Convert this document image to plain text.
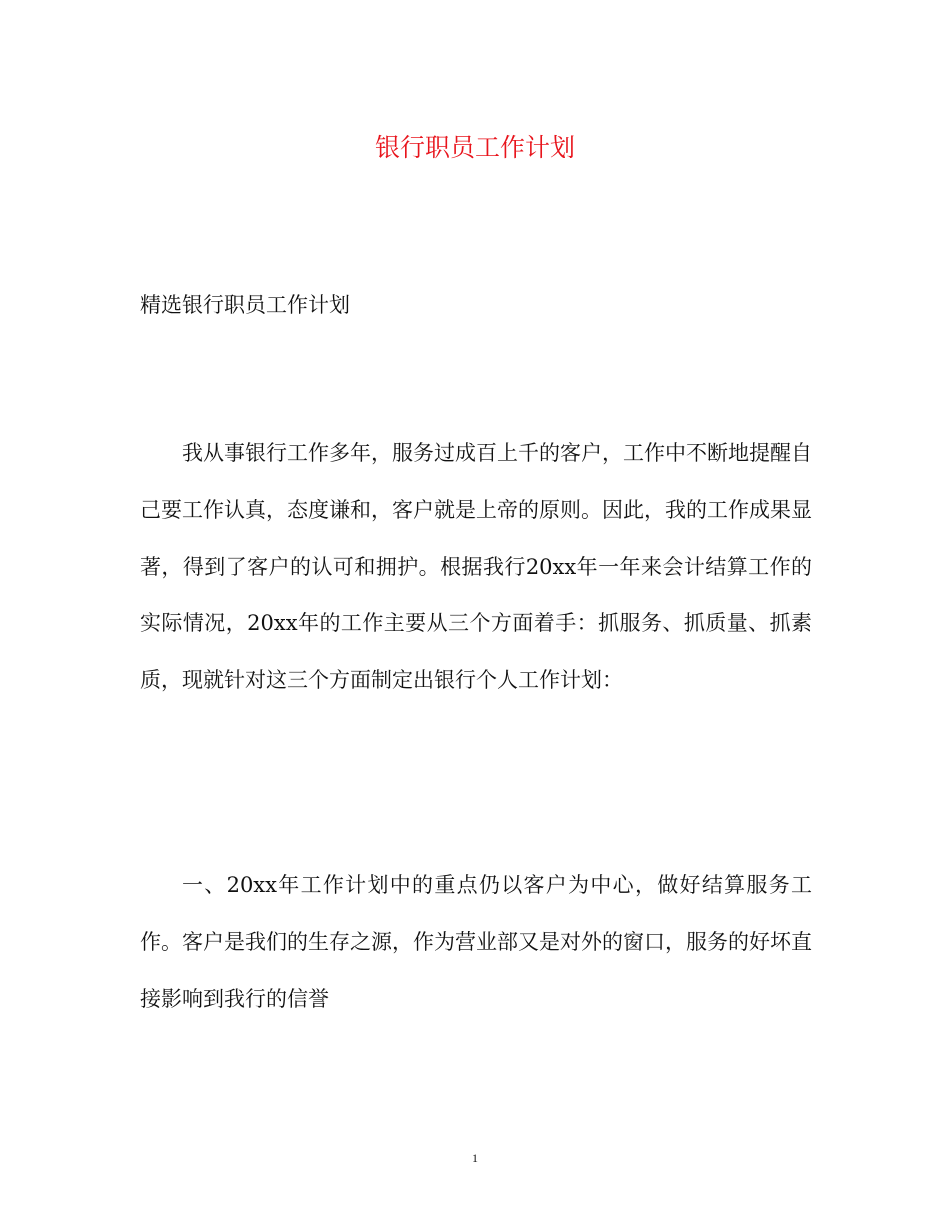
银行职员工作计划
精选银行职员工作计划

我从事银行工作多年，服务过成百上千的客户，工作中不断地提醒自己要工作认真，态度谦和，客户就是上帝的原则。因此，我的工作成果显著，得到了客户的认可和拥护。根据我行20xx年一年来会计结算工作的实际情况，20xx年的工作主要从三个方面着手：抓服务、抓质量、抓素质，现就针对这三个方面制定出银行个人工作计划：

一、20xx年工作计划中的重点仍以客户为中心，做好结算服务工作。客户是我们的生存之源，作为营业部又是对外的窗口，服务的好坏直接影响到我行的信誉

1
